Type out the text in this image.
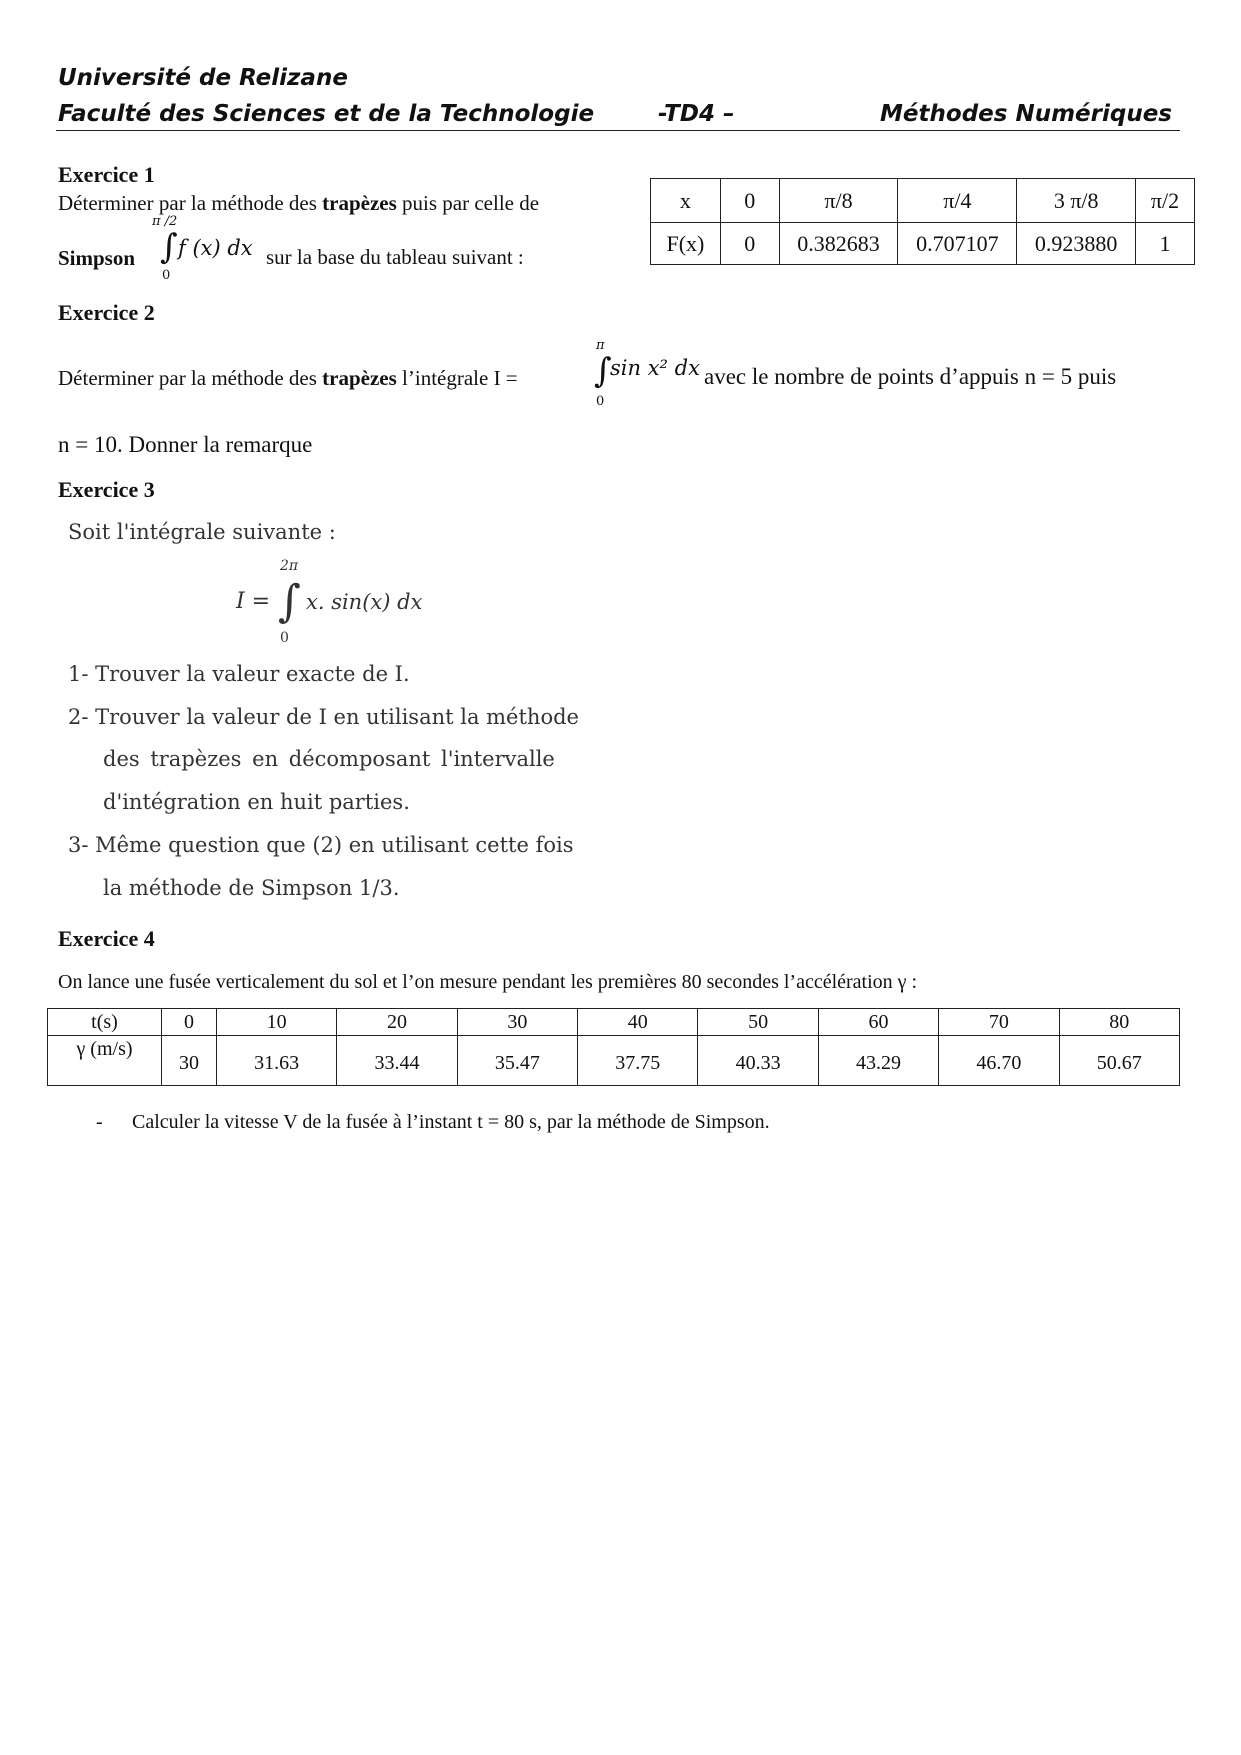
Université de Relizane
Faculté des Sciences et de la Technologie	-TD4 –	Méthodes Numériques
Exercice 1
Déterminer par la méthode des trapèzes puis par celle de
Simpson
π /2
∫
0
f (x) dx sur la base du tableau suivant :
x	0	π/8	π/4	3 π/8	π/2
F(x)	0	0.382683	0.707107	0.923880	1
Exercice 2
Déterminer par la méthode des trapèzes l’intégrale I =
π
∫
0
sin x² dx avec le nombre de points d’appuis n = 5 puis
n = 10. Donner la remarque
Exercice 3
Soit l'intégrale suivante :
I =
2π
∫
0
x. sin(x) dx
1- Trouver la valeur exacte de I.
2- Trouver la valeur de I en utilisant la méthode
des trapèzes en décomposant l'intervalle
d'intégration en huit parties.
3- Même question que (2) en utilisant cette fois
la méthode de Simpson 1/3.
Exercice 4
On lance une fusée verticalement du sol et l’on mesure pendant les premières 80 secondes l’accélération γ :
t(s)	0	10	20	30	40	50	60	70	80
γ (m/s)	30	31.63	33.44	35.47	37.75	40.33	43.29	46.70	50.67
- Calculer la vitesse V de la fusée à l’instant t = 80 s, par la méthode de Simpson.
